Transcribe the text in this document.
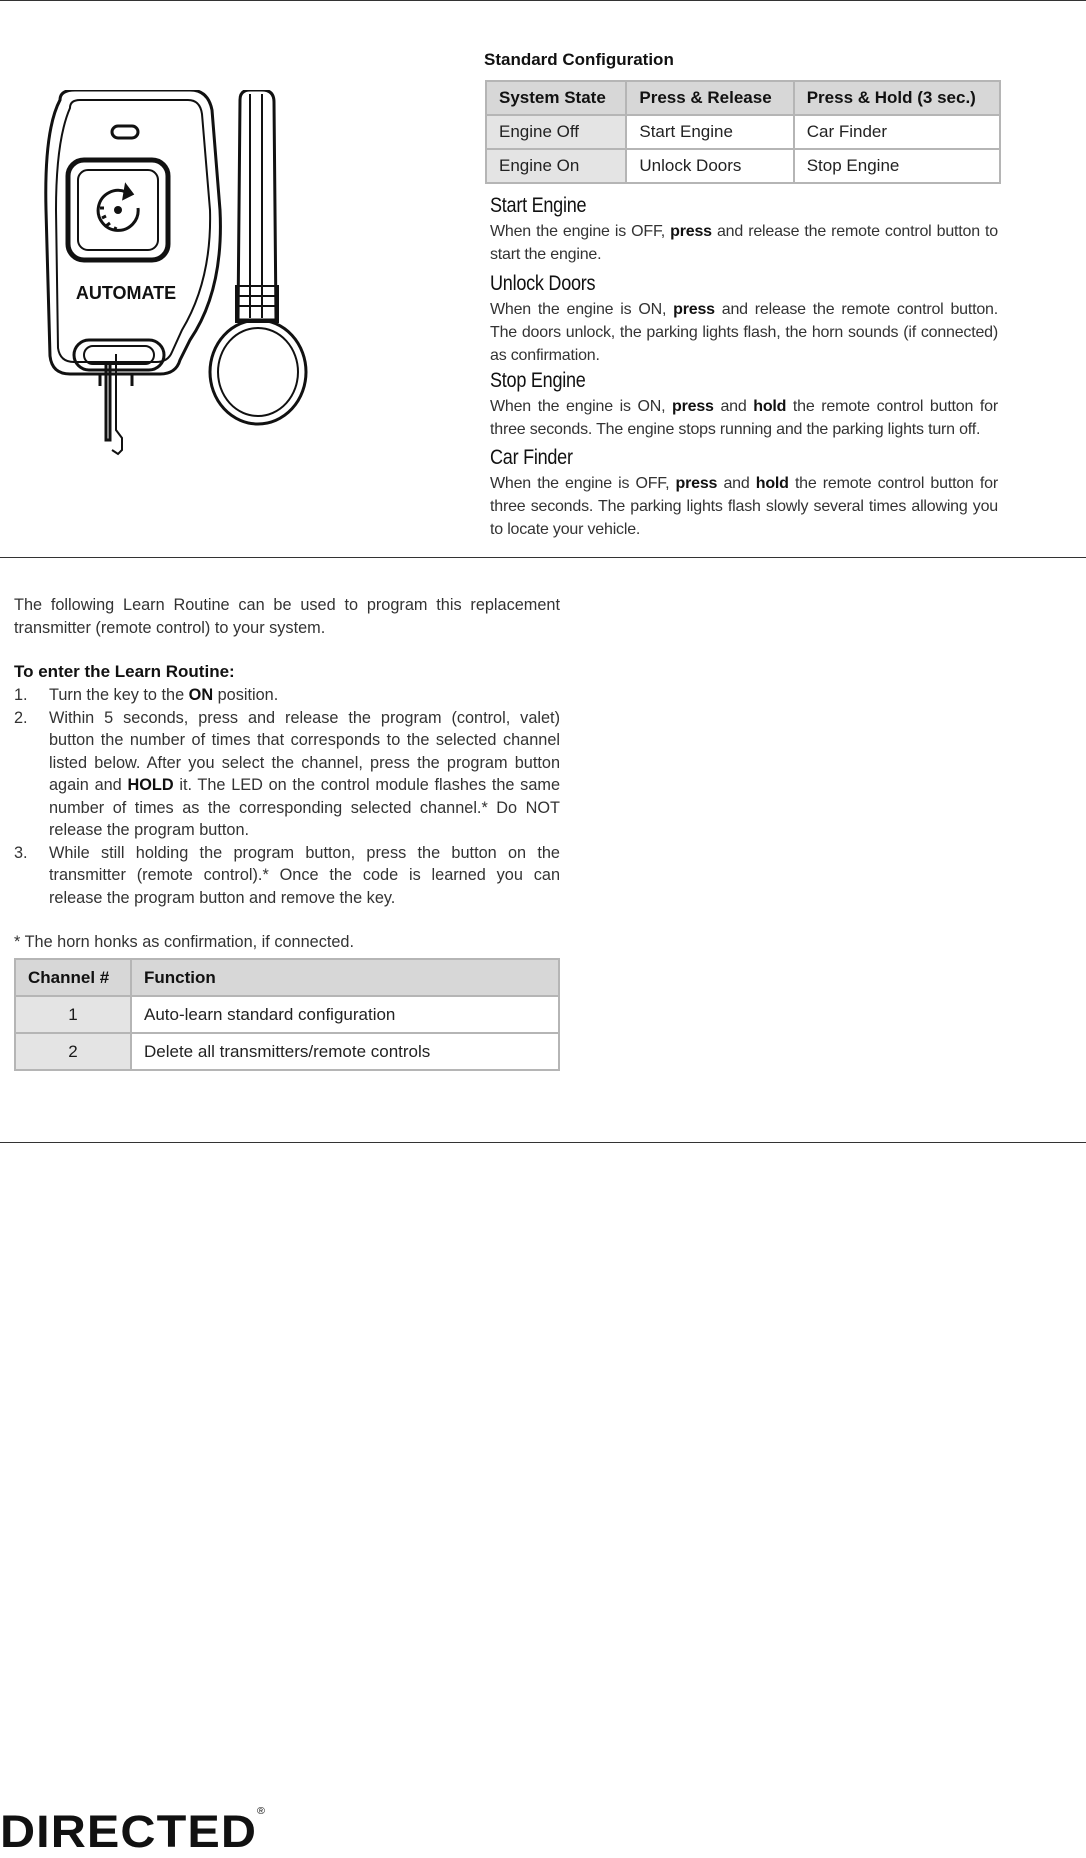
AUTOMATE
Standard Configuration
System State	Press & Release	Press & Hold (3 sec.)
Engine Off	Start Engine	Car Finder
Engine On	Unlock Doors	Stop Engine
Start Engine

When the engine is OFF, press and release the remote control button to start the engine.

Unlock Doors

When the engine is ON, press and release the remote control button. The doors unlock, the parking lights flash, the horn sounds (if connected) as confirmation.

Stop Engine

When the engine is ON, press and hold the remote control button for three seconds. The engine stops running and the parking lights turn off.

Car Finder

When the engine is OFF, press and hold the remote control button for three seconds. The parking lights flash slowly several times allowing you to locate your vehicle.

The following Learn Routine can be used to program this replacement transmitter (remote control) to your system.

To enter the Learn Routine:
1. Turn the key to the ON position.
2. Within 5 seconds, press and release the program (control, valet) button the number of times that corresponds to the selected channel listed below. After you select the channel, press the program button again and HOLD it. The LED on the control module flashes the same number of times as the corresponding selected channel.* Do NOT release the program button.
3. While still holding the program button, press the button on the transmitter (remote control).* Once the code is learned you can release the program button and remove the key.

* The horn honks as confirmation, if connected.

Channel #	Function
1	Auto-learn standard configuration
2	Delete all transmitters/remote controls
DIRECTED®
